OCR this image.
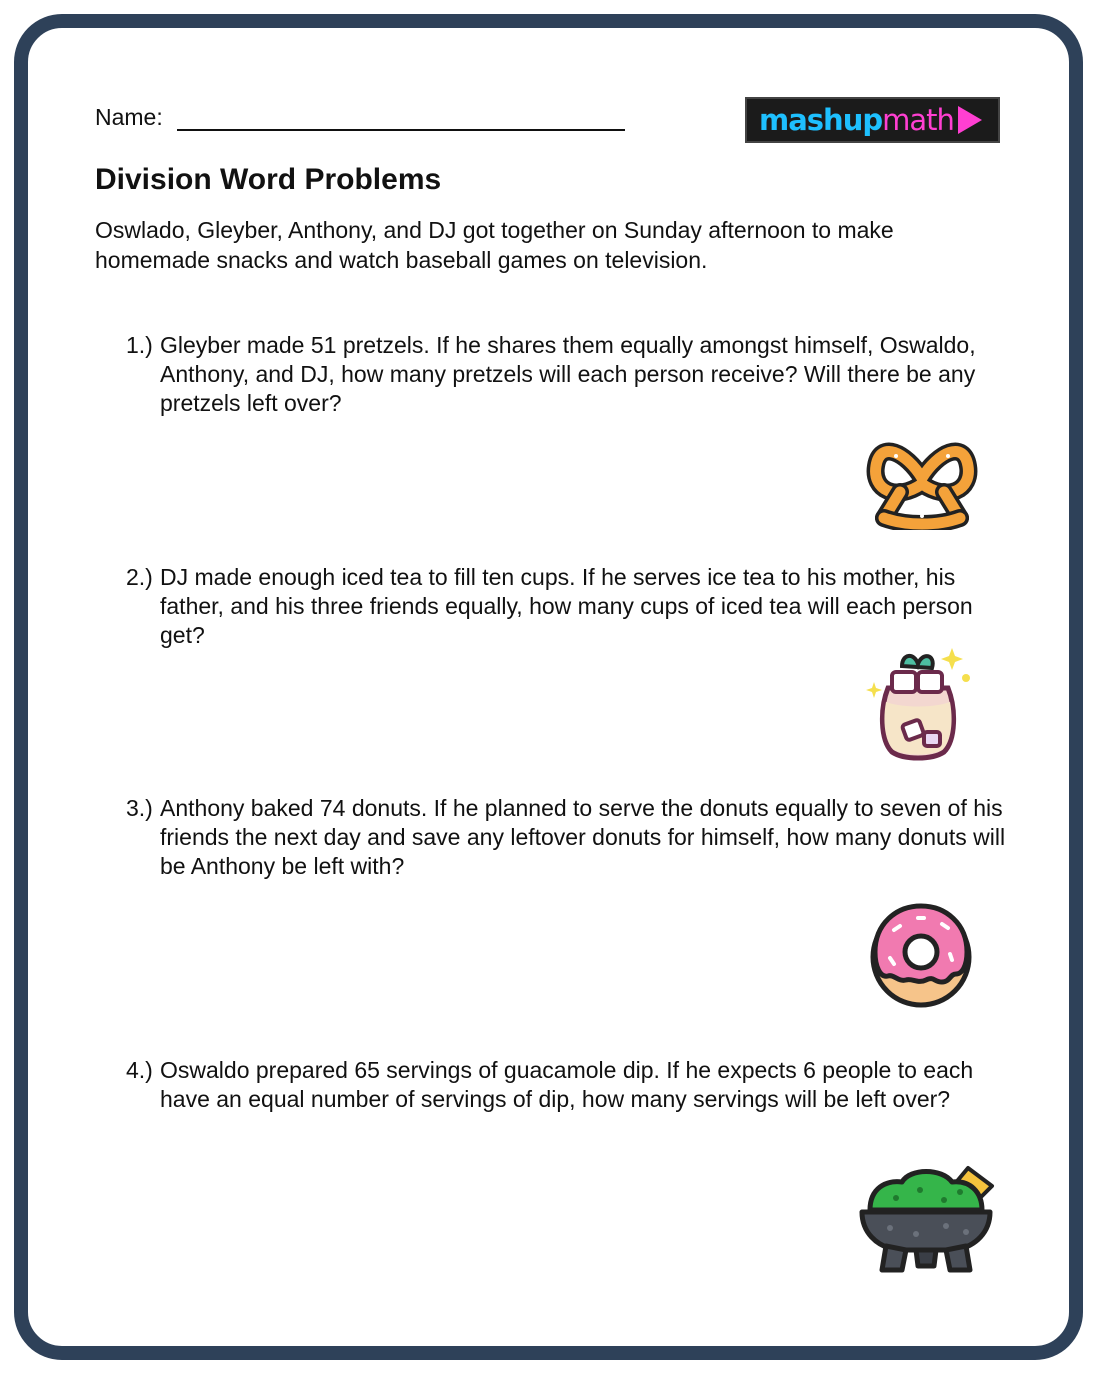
Name:	mashupmath
Division Word Problems

Oswlado, Gleyber, Anthony, and DJ got together on Sunday afternoon to make homemade snacks and watch baseball games on television.

1.) Gleyber made 51 pretzels. If he shares them equally amongst himself, Oswaldo, Anthony, and DJ, how many pretzels will each person receive? Will there be any pretzels left over?
2.) DJ made enough iced tea to fill ten cups. If he serves ice tea to his mother, his father, and his three friends equally, how many cups of iced tea will each person get?
3.) Anthony baked 74 donuts. If he planned to serve the donuts equally to seven of his friends the next day and save any leftover donuts for himself, how many donuts will be Anthony be left with?
4.) Oswaldo prepared 65 servings of guacamole dip. If he expects 6 people to each have an equal number of servings of dip, how many servings will be left over?
